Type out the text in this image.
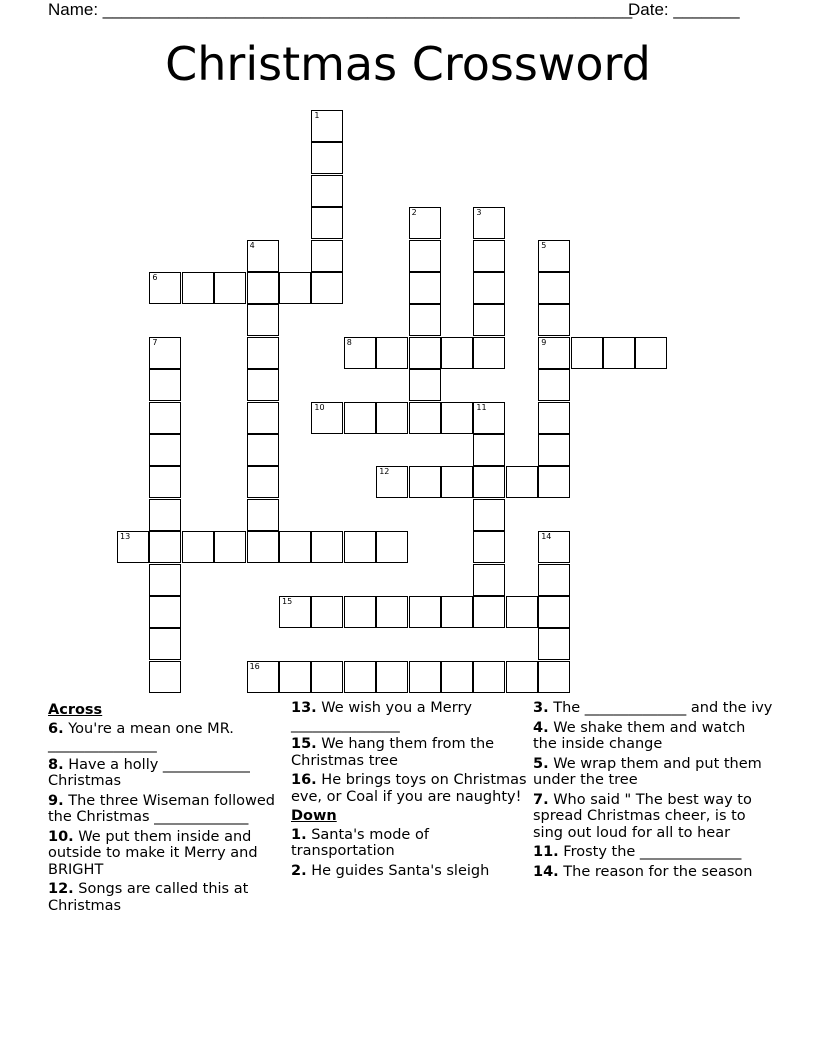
Name: ________________________________________________________
Date: _______
Christmas Crossword
1
2	3
4	5
9
6
7	8
10	11
12
13	14
15
16
Across
6. You're a mean one MR. _______________
8. Have a holly ____________ Christmas
9. The three Wiseman followed the Christmas _____________
10. We put them inside and outside to make it Merry and BRIGHT
12. Songs are called this at Christmas
13. We wish you a Merry _______________
15. We hang them from the Christmas tree
16. He brings toys on Christmas eve, or Coal if you are naughty!
Down
1. Santa's mode of transportation
2. He guides Santa's sleigh
3. The ______________ and the ivy
4. We shake them and watch the inside change
5. We wrap them and put them under the tree
7. Who said " The best way to spread Christmas cheer, is to sing out loud for all to hear
11. Frosty the ______________
14. The reason for the season
